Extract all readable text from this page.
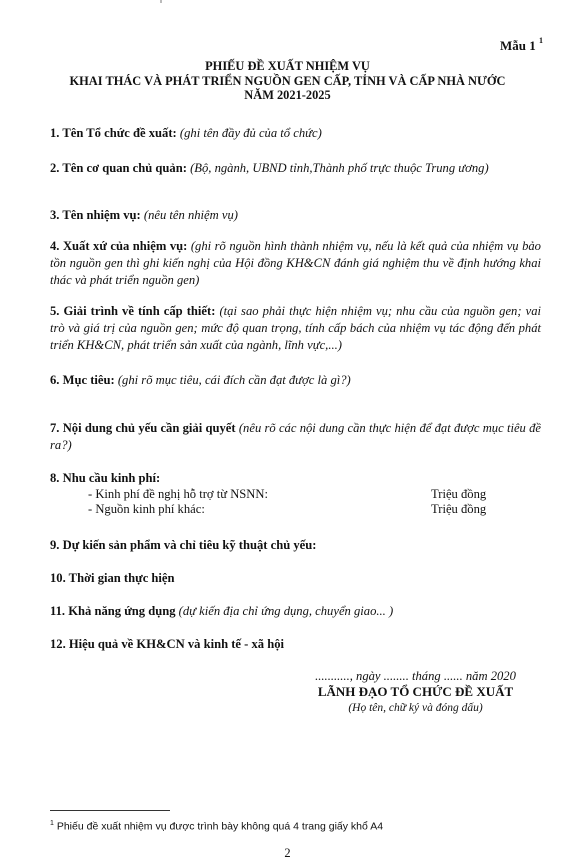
Mẫu 1 $^1$
PHIẾU ĐỀ XUẤT NHIỆM VỤ
KHAI THÁC VÀ PHÁT TRIỂN NGUỒN GEN CẤP, TỈNH VÀ CẤP NHÀ NƯỚC
NĂM 2021-2025
1. Tên Tổ chức đề xuất: (ghi tên đầy đủ của tổ chức)
2. Tên cơ quan chủ quản: (Bộ, ngành, UBND tỉnh,Thành phố trực thuộc Trung ương)
3. Tên nhiệm vụ: (nêu tên nhiệm vụ)
4. Xuất xứ của nhiệm vụ: (ghi rõ nguồn hình thành nhiệm vụ, nếu là kết quả của nhiệm vụ bảo tồn nguồn gen thì ghi kiến nghị của Hội đồng KH&CN đánh giá nghiệm thu về định hướng khai thác và phát triển nguồn gen)
5. Giải trình về tính cấp thiết: (tại sao phải thực hiện nhiệm vụ; nhu cầu của nguồn gen; vai trò và giá trị của nguồn gen; mức độ quan trọng, tính cấp bách của nhiệm vụ tác động đến phát triển KH&CN, phát triển sản xuất của ngành, lĩnh vực,...)
6. Mục tiêu: (ghi rõ mục tiêu, cái đích cần đạt được là gì?)
7. Nội dung chủ yếu cần giải quyết (nêu rõ các nội dung cần thực hiện để đạt được mục tiêu đề ra?)
8. Nhu cầu kinh phí:
- Kinh phí đề nghị hỗ trợ từ NSNN:	Triệu đồng
- Nguồn kinh phí khác:	Triệu đồng
9. Dự kiến sản phẩm và chỉ tiêu kỹ thuật chủ yếu:
10. Thời gian thực hiện
11. Khả năng ứng dụng (dự kiến địa chỉ ứng dụng, chuyển giao... )
12. Hiệu quả về KH&CN và kinh tế - xã hội
..........., ngày ........ tháng ...... năm 2020
LÃNH ĐẠO TỔ CHỨC ĐỀ XUẤT
(Họ tên, chữ ký và đóng dấu)
$^1$ Phiếu đề xuất nhiệm vụ được trình bày không quá 4 trang giấy khổ A4
2
